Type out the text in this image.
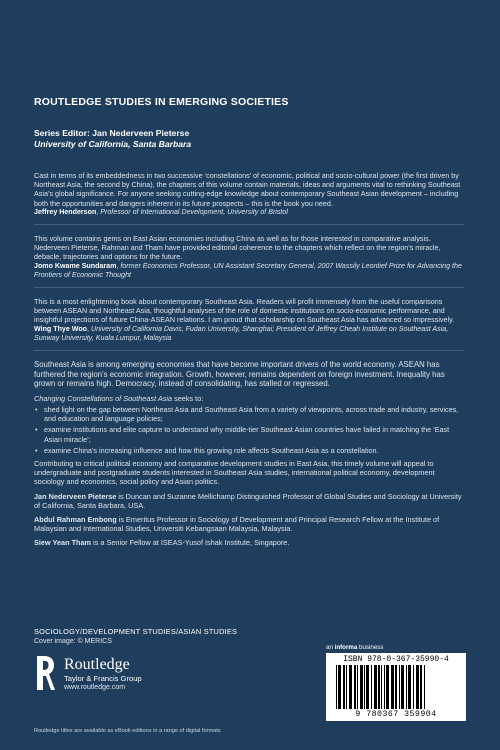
ROUTLEDGE STUDIES IN EMERGING SOCIETIES
Series Editor: Jan Nederveen Pieterse
University of California, Santa Barbara

Cast in terms of its embeddedness in two successive ‘constellations’ of economic, political and socio-cultural power (the first driven by Northeast Asia, the second by China), the chapters of this volume contain materials, ideas and arguments vital to rethinking Southeast Asia’s global significance. For anyone seeking cutting-edge knowledge about contemporary Southeast Asian development – including both the opportunities and dangers inherent in its future prospects – this is the book you need.

Jeffrey Henderson, Professor of International Development, University of Bristol

This volume contains gems on East Asian economies including China as well as for those interested in comparative analysis. Nederveen Pieterse, Rahman and Tham have provided editorial coherence to the chapters which reflect on the region’s miracle, debacle, trajectories and options for the future.

Jomo Kwame Sundaram, former Economics Professor, UN Assistant Secretary General, 2007 Wassily Leontief Prize for Advancing the Frontiers of Economic Thought

This is a most enlightening book about contemporary Southeast Asia. Readers will profit immensely from the useful comparisons between ASEAN and Northeast Asia, thoughtful analyses of the role of domestic institutions on socio-economic performance, and insightful projections of future China-ASEAN relations. I am proud that scholarship on Southeast Asia has advanced so impressively.

Wing Thye Woo, University of California Davis, Fudan University, Shanghai; President of Jeffrey Cheah Institute on Southeast Asia, Sunway University, Kuala Lumpur, Malaysia

Southeast Asia is among emerging economies that have become important drivers of the world economy. ASEAN has furthered the region’s economic integration. Growth, however, remains dependent on foreign investment. Inequality has grown or remains high. Democracy, instead of consolidating, has stalled or regressed.

Changing Constellations of Southeast Asia seeks to:

• shed light on the gap between Northeast Asia and Southeast Asia from a variety of viewpoints, across trade and industry, services, and education and language policies;
• examine institutions and elite capture to understand why middle-tier Southeast Asian countries have failed in matching the ‘East Asian miracle’;
• examine China’s increasing influence and how this growing role affects Southeast Asia as a constellation.

Contributing to critical political economy and comparative development studies in East Asia, this timely volume will appeal to undergraduate and postgraduate students interested in Southeast Asia studies, international political economy, development sociology and economics, social policy and Asian politics.

Jan Nederveen Pieterse is Duncan and Suzanne Mellichamp Distinguished Professor of Global Studies and Sociology at University of California, Santa Barbara, USA.

Abdul Rahman Embong is Emeritus Professor in Sociology of Development and Principal Research Fellow at the Institute of Malaysian and International Studies, Universiti Kebangsaan Malaysia, Malaysia.

Siew Yean Tham is a Senior Fellow at ISEAS-Yusof Ishak Institute, Singapore.

SOCIOLOGY/DEVELOPMENT STUDIES/ASIAN STUDIES
Cover image: © MERICS
Routledge
Taylor & Francis Group
www.routledge.com
an informa business
ISBN 978-0-367-35990-4
9 780367 359904
Routledge titles are available as eBook editions in a range of digital formats
